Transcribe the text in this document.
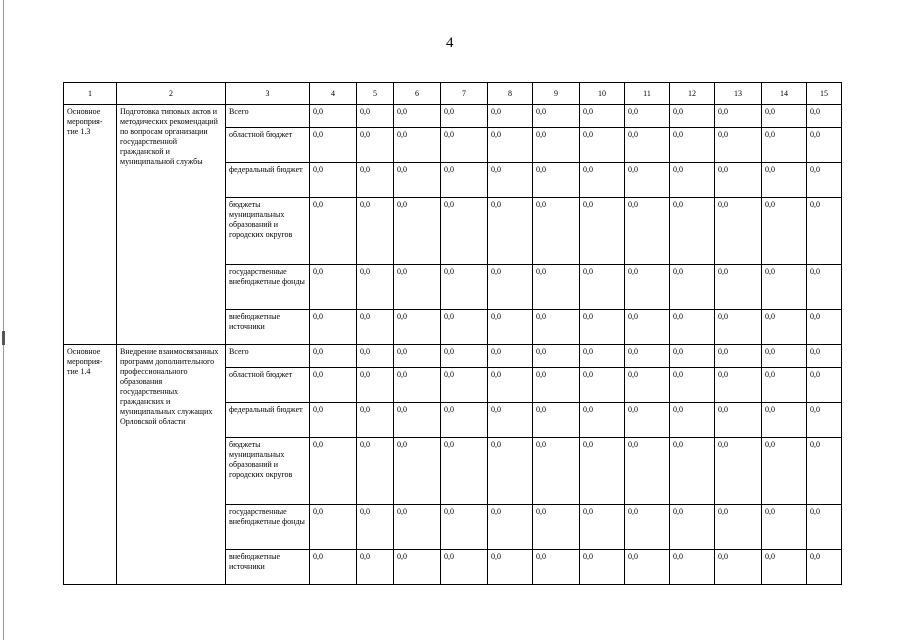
4
1	2	3	4	5	6	7	8	9	10	11	12	13	14	15
Основное мероприя-тие 1.3	Подготовка типовых актов и методических рекомендаций по вопросам организации государственной гражданской и муниципальной службы	Всего	0,0	0,0	0,0	0,0	0,0	0,0	0,0	0,0	0,0	0,0	0,0	0,0
		областной бюджет	0,0	0,0	0,0	0,0	0,0	0,0	0,0	0,0	0,0	0,0	0,0	0,0
		федеральный бюджет	0,0	0,0	0,0	0,0	0,0	0,0	0,0	0,0	0,0	0,0	0,0	0,0
		бюджеты муниципальных образований и городских округов	0,0	0,0	0,0	0,0	0,0	0,0	0,0	0,0	0,0	0,0	0,0	0,0
		государственные внебюджетные фонды	0,0	0,0	0,0	0,0	0,0	0,0	0,0	0,0	0,0	0,0	0,0	0,0
		внебюджетные источники	0,0	0,0	0,0	0,0	0,0	0,0	0,0	0,0	0,0	0,0	0,0	0,0
Основное мероприя-тие 1.4	Внедрение взаимосвязанных программ дополнительного профессионального образования государственных гражданских и муниципальных служащих Орловской области	Всего	0,0	0,0	0,0	0,0	0,0	0,0	0,0	0,0	0,0	0,0	0,0	0,0
		областной бюджет	0,0	0,0	0,0	0,0	0,0	0,0	0,0	0,0	0,0	0,0	0,0	0,0
		федеральный бюджет	0,0	0,0	0,0	0,0	0,0	0,0	0,0	0,0	0,0	0,0	0,0	0,0
		бюджеты муниципальных образований и городских округов	0,0	0,0	0,0	0,0	0,0	0,0	0,0	0,0	0,0	0,0	0,0	0,0
		государственные внебюджетные фонды	0,0	0,0	0,0	0,0	0,0	0,0	0,0	0,0	0,0	0,0	0,0	0,0
		внебюджетные источники	0,0	0,0	0,0	0,0	0,0	0,0	0,0	0,0	0,0	0,0	0,0	0,0
